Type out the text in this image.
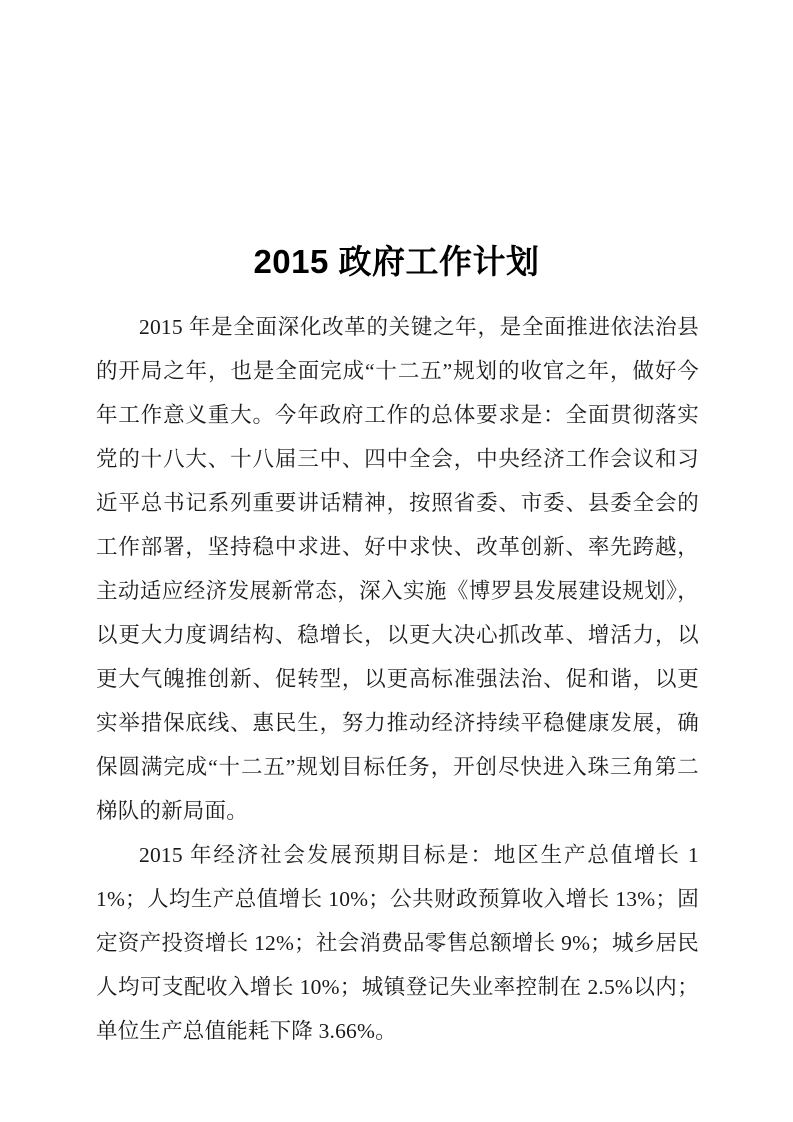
2015 政府工作计划

2015 年是全面深化改革的关键之年，是全面推进依法治县的开局之年，也是全面完成“十二五”规划的收官之年，做好今年工作意义重大。今年政府工作的总体要求是：全面贯彻落实党的十八大、十八届三中、四中全会，中央经济工作会议和习近平总书记系列重要讲话精神，按照省委、市委、县委全会的工作部署，坚持稳中求进、好中求快、改革创新、率先跨越，主动适应经济发展新常态，深入实施《博罗县发展建设规划》，以更大力度调结构、稳增长，以更大决心抓改革、增活力，以更大气魄推创新、促转型，以更高标准强法治、促和谐，以更实举措保底线、惠民生，努力推动经济持续平稳健康发展，确保圆满完成“十二五”规划目标任务，开创尽快进入珠三角第二梯队的新局面。

2015 年经济社会发展预期目标是：地区生产总值增长 11%；人均生产总值增长 10%；公共财政预算收入增长 13%；固定资产投资增长 12%；社会消费品零售总额增长 9%；城乡居民人均可支配收入增长 10%；城镇登记失业率控制在 2.5%以内；单位生产总值能耗下降 3.66%。
